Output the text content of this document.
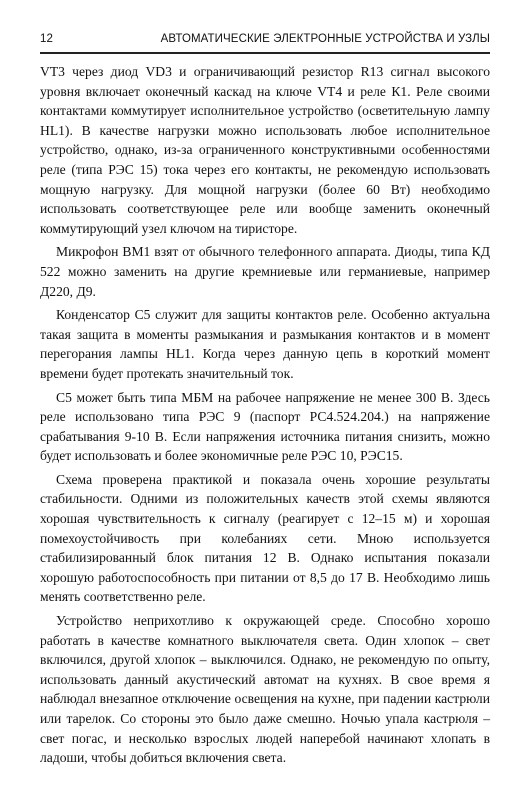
12	АВТОМАТИЧЕСКИЕ ЭЛЕКТРОННЫЕ УСТРОЙСТВА И УЗЛЫ

VT3 через диод VD3 и ограничивающий резистор R13 сигнал высокого уровня включает оконечный каскад на ключе VT4 и реле К1. Реле своими контактами коммутирует исполнительное устройство (осветительную лампу HL1). В качестве нагрузки можно использовать любое исполнительное устройство, однако, из-за ограниченного конструктивными особенностями реле (типа РЭС 15) тока через его контакты, не рекомендую использовать мощную нагрузку. Для мощной нагрузки (более 60 Вт) необходимо использовать соответствующее реле или вообще заменить оконечный коммутирующий узел ключом на тиристоре.

Микрофон ВМ1 взят от обычного телефонного аппарата. Диоды, типа КД 522 можно заменить на другие кремниевые или германиевые, например Д220, Д9.

Конденсатор С5 служит для защиты контактов реле. Особенно актуальна такая защита в моменты размыкания и размыкания контактов и в момент перегорания лампы HL1. Когда через данную цепь в короткий момент времени будет протекать значительный ток.

С5 может быть типа МБМ на рабочее напряжение не менее 300 В. Здесь реле использовано типа РЭС 9 (паспорт РС4.524.204.) на напряжение срабатывания 9-10 В. Если напряжения источника питания снизить, можно будет использовать и более экономичные реле РЭС 10, РЭС15.

Схема проверена практикой и показала очень хорошие результаты стабильности. Одними из положительных качеств этой схемы являются хорошая чувствительность к сигналу (реагирует с 12–15 м) и хорошая помехоустойчивость при колебаниях сети. Мною используется стабилизированный блок питания 12 В. Однако испытания показали хорошую работоспособность при питании от 8,5 до 17 В. Необходимо лишь менять соответственно реле.

Устройство неприхотливо к окружающей среде. Способно хорошо работать в качестве комнатного выключателя света. Один хлопок – свет включился, другой хлопок – выключился. Однако, не рекомендую по опыту, использовать данный акустический автомат на кухнях. В свое время я наблюдал внезапное отключение освещения на кухне, при падении кастрюли или тарелок. Со стороны это было даже смешно. Ночью упала кастрюля – свет погас, и несколько взрослых людей наперебой начинают хлопать в ладоши, чтобы добиться включения света.
